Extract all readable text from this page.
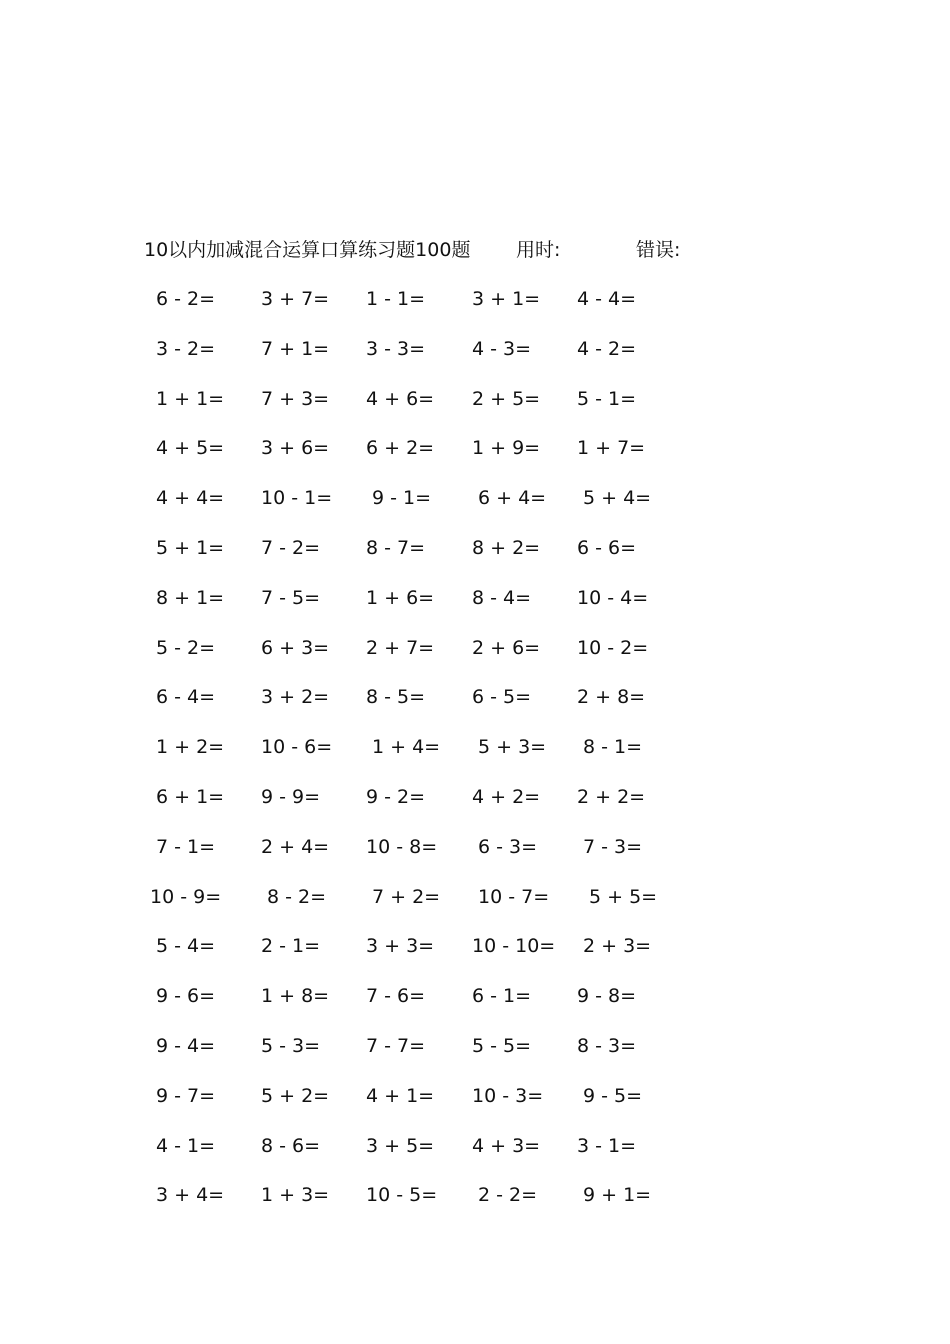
10以内加减混合运算口算练习题100题 用时:	错误:
6 - 2= 3 + 7= 1 - 1= 3 + 1= 4 - 4=
3 - 2= 7 + 1= 3 - 3= 4 - 3= 4 - 2=
1 + 1= 7 + 3= 4 + 6= 2 + 5= 5 - 1=
4 + 5= 3 + 6= 6 + 2= 1 + 9= 1 + 7=
4 + 4= 10 - 1= 9 - 1= 6 + 4= 5 + 4=
5 + 1= 7 - 2= 8 - 7= 8 + 2= 6 - 6=
8 + 1= 7 - 5= 1 + 6= 8 - 4= 10 - 4=
5 - 2= 6 + 3= 2 + 7= 2 + 6= 10 - 2=
6 - 4= 3 + 2= 8 - 5= 6 - 5= 2 + 8=
1 + 2= 10 - 6= 1 + 4= 5 + 3= 8 - 1=
6 + 1= 9 - 9= 9 - 2= 4 + 2= 2 + 2=
7 - 1= 2 + 4= 10 - 8= 6 - 3= 7 - 3=
10 - 9= 8 - 2= 7 + 2= 10 - 7= 5 + 5=
5 - 4= 2 - 1= 3 + 3= 10 - 10= 2 + 3=
9 - 6= 1 + 8= 7 - 6= 6 - 1= 9 - 8=
9 - 4= 5 - 3= 7 - 7= 5 - 5= 8 - 3=
9 - 7= 5 + 2= 4 + 1= 10 - 3= 9 - 5=
4 - 1= 8 - 6= 3 + 5= 4 + 3= 3 - 1=
3 + 4= 1 + 3= 10 - 5= 2 - 2= 9 + 1=
